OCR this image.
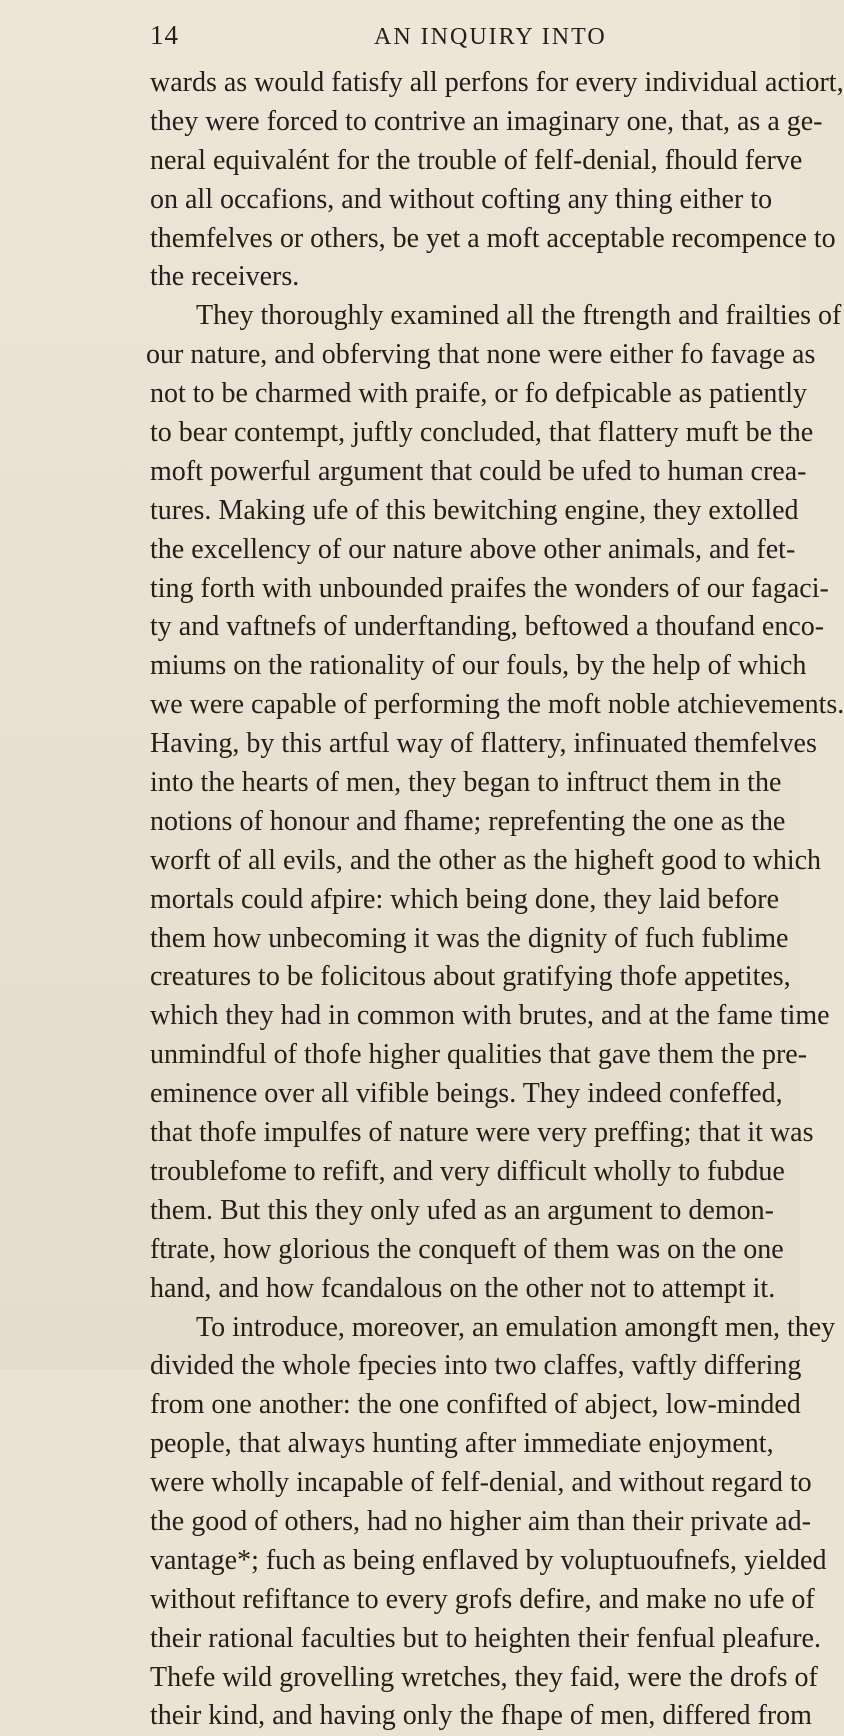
14	AN INQUIRY INTO
wards as would fatisfy all perfons for every individual actiort,
they were forced to contrive an imaginary one, that, as a ge-
neral equivalént for the trouble of felf-denial, fhould ferve
on all occafions, and without cofting any thing either to
themfelves or others, be yet a moft acceptable recompence to
the receivers.
They thoroughly examined all the ftrength and frailties of
our nature, and obferving that none were either fo favage as
not to be charmed with praife, or fo defpicable as patiently
to bear contempt, juftly concluded, that flattery muft be the
moft powerful argument that could be ufed to human crea-
tures. Making ufe of this bewitching engine, they extolled
the excellency of our nature above other animals, and fet-
ting forth with unbounded praifes the wonders of our fagaci-
ty and vaftnefs of underftanding, beftowed a thoufand enco-
miums on the rationality of our fouls, by the help of which
we were capable of performing the moft noble atchievements.
Having, by this artful way of flattery, infinuated themfelves
into the hearts of men, they began to inftruct them in the
notions of honour and fhame; reprefenting the one as the
worft of all evils, and the other as the higheft good to which
mortals could afpire: which being done, they laid before
them how unbecoming it was the dignity of fuch fublime
creatures to be folicitous about gratifying thofe appetites,
which they had in common with brutes, and at the fame time
unmindful of thofe higher qualities that gave them the pre-
eminence over all vifible beings. They indeed confeffed,
that thofe impulfes of nature were very preffing; that it was
troublefome to refift, and very difficult wholly to fubdue
them. But this they only ufed as an argument to demon-
ftrate, how glorious the conqueft of them was on the one
hand, and how fcandalous on the other not to attempt it.
To introduce, moreover, an emulation amongft men, they
divided the whole fpecies into two claffes, vaftly differing
from one another: the one confifted of abject, low-minded
people, that always hunting after immediate enjoyment,
were wholly incapable of felf-denial, and without regard to
the good of others, had no higher aim than their private ad-
vantage*; fuch as being enflaved by voluptuoufnefs, yielded
without refiftance to every grofs defire, and make no ufe of
their rational faculties but to heighten their fenfual pleafure.
Thefe wild grovelling wretches, they faid, were the drofs of
their kind, and having only the fhape of men, differed from
